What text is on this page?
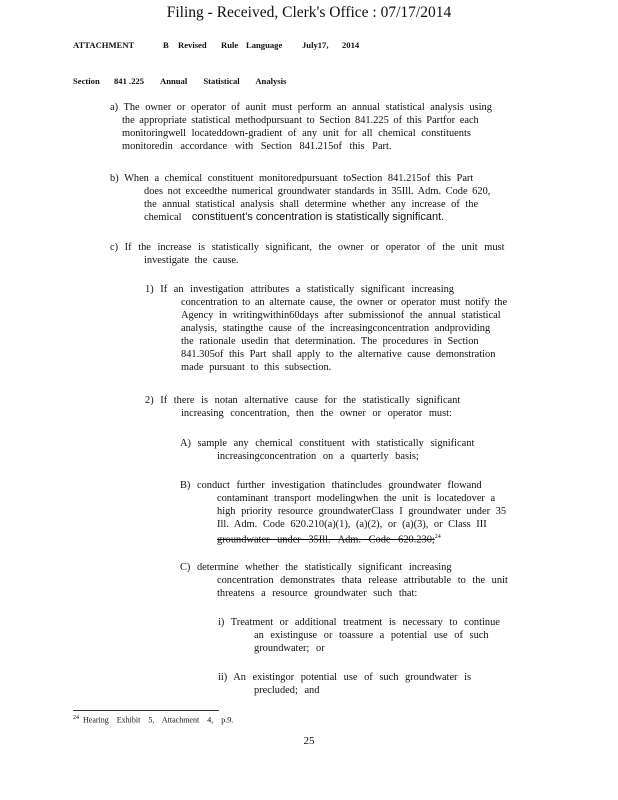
Filing - Received, Clerk's Office : 07/17/2014
ATTACHMENT	B Revised Rule Language July17, 2014
Section 841 .225 Annual Statistical Analysis
a) The owner or operator of aunit must perform an annual statistical analysis using
the appropriate statistical methodpursuant to Section 841.225 of this Partfor each
monitoringwell locateddown-gradient of any unit for all chemical constituents
monitoredin accordance with Section 841.215of this Part.
b) When a chemical constituent monitoredpursuant toSection 841.215of this Part
does not exceedthe numerical groundwater standards in 35Ill. Adm. Code 620,
the annual statistical analysis shall determine whether any increase of the
chemical constituent’s concentration is statistically significant.
c) If the increase is statistically significant, the owner or operator of the unit must
investigate the cause.
1) If an investigation attributes a statistically significant increasing
concentration to an alternate cause, the owner or operator must notify the
Agency in writingwithin60days after submissionof the annual statistical
analysis, statingthe cause of the increasingconcentration andproviding
the rationale usedin that determination. The procedures in Section
841.305of this Part shall apply to the alternative cause demonstration
made pursuant to this subsection.
2) If there is notan alternative cause for the statistically significant
increasing concentration, then the owner or operator must:
A) sample any chemical constituent with statistically significant
increasingconcentration on a quarterly basis;
B) conduct further investigation thatincludes groundwater flowand
contaminant transport modelingwhen the unit is locatedover a
high priority resource groundwaterClass I groundwater under 35
Ill. Adm. Code 620.210(a)(1), (a)(2), or (a)(3), or Class III
groundwater under 35Ill. Adm. Code 620.230;$^{24}$
C) determine whether the statistically significant increasing
concentration demonstrates thata release attributable to the unit
threatens a resource groundwater such that:
i) Treatment or additional treatment is necessary to continue
an existinguse or toassure a potential use of such
groundwater; or
ii) An existingor potential use of such groundwater is
precluded; and
$^{24}$ Hearing Exhibit 5, Attachment 4, p.9.
25
